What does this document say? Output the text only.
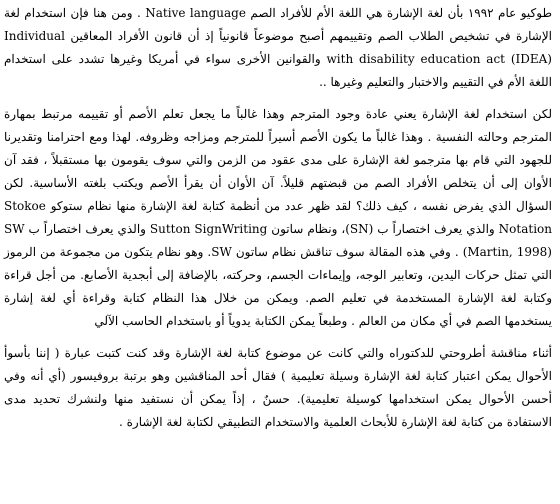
طوكيو عام ١٩٩٢ بأن لغة الإشارة هي اللغة الأم للأفراد الصم Native language . ومن هنا فإن استخدام لغة الإشارة في تشخيص الطلاب الصم وتقييمهم أصبح موضوعاً قانونياً إذ أن قانون الأفراد المعاقين Individual with disability education act (IDEA) والقوانين الأخرى سواء في أمريكا وغيرها تشدد على استخدام اللغة الأم في التقييم والاختبار والتعليم وغيرها ..

لكن استخدام لغة الإشارة يعني عادة وجود المترجم وهذا غالباً ما يجعل تعلم الأصم أو تقييمه مرتبط بمهارة المترجم وحالته النفسية . وهذا غالباً ما يكون الأصم أسيراً للمترجم ومزاجه وظروفه. لهذا ومع احترامنا وتقديرنا للجهود التي قام بها مترجمو لغة الإشارة على مدى عقود من الزمن والتي سوف يقومون بها مستقبلاً ، فقد آن الأوان إلى أن يتخلص الأفراد الصم من قبضتهم قليلاً. آن الأوان أن يقرأ الأصم ويكتب بلغته الأساسية. لكن السؤال الذي يفرض نفسه ، كيف ذلك؟ لقد ظهر عدد من أنظمة كتابة لغة الإشارة منها نظام ستوكو Stokoe Notation والذي يعرف اختصاراً ب (SN)، ونظام ساتون Sutton SignWriting والذي يعرف اختصاراً ب SW (Martin, 1998) . وفي هذه المقالة سوف تناقش نظام ساتون SW. وهو نظام يتكون من مجموعة من الرموز التي تمثل حركات اليدين، وتعابير الوجه، وإيماءات الجسم، وحركته، بالإضافة إلى أبجدية الأصابع. من أجل قراءة وكتابة لغة الإشارة المستخدمة في تعليم الصم. ويمكن من خلال هذا النظام كتابة وقراءة أي لغة إشارة يستخدمها الصم في أي مكان من العالم . وطبعاً يمكن الكتابة يدوياً أو باستخدام الحاسب الآلي

أثناء مناقشة أطروحتي للدكتوراه والتي كانت عن موضوع كتابة لغة الإشارة وقد كنت كتبت عبارة ( إننا بأسوأ الأحوال يمكن اعتبار كتابة لغة الإشارة وسيلة تعليمية ) فقال أحد المناقشين وهو برتبة بروفيسور (أي أنه وفي أحسن الأحوال يمكن استخدامها كوسيلة تعليمية). حسنٌ ، إذاً يمكن أن نستفيد منها ولنشرك تحديد مدى الاستفادة من كتابة لغة الإشارة للأبحاث العلمية والاستخدام التطبيقي لكتابة لغة الإشارة .
